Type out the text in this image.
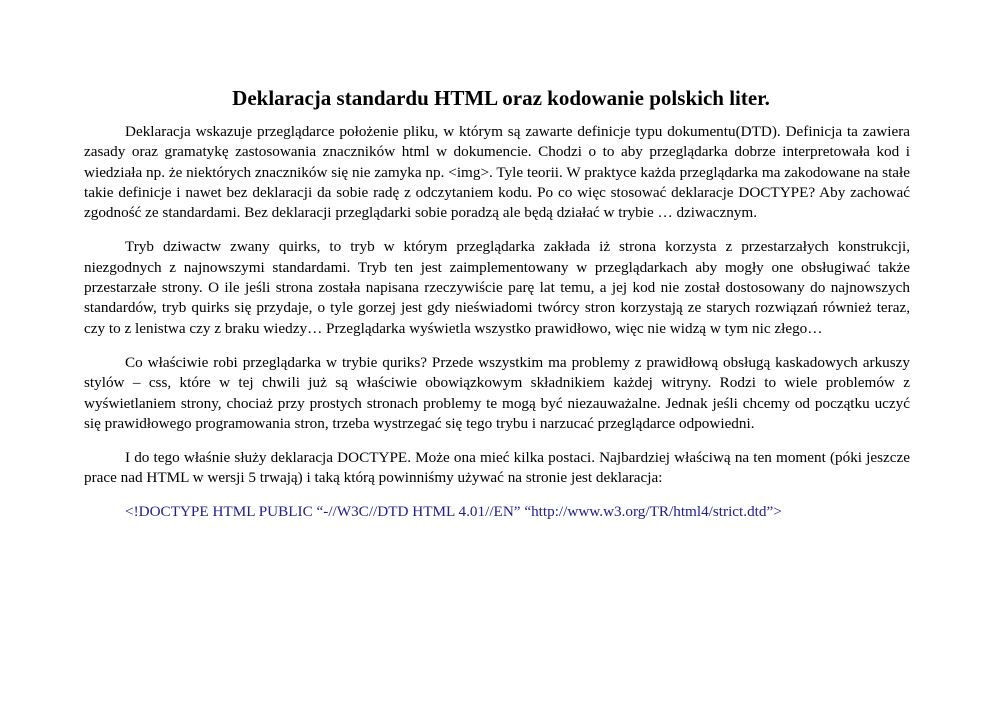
Deklaracja standardu HTML oraz kodowanie polskich liter.

Deklaracja wskazuje przeglądarce położenie pliku, w którym są zawarte definicje typu dokumentu(DTD). Definicja ta zawiera zasady oraz gramatykę zastosowania znaczników html w dokumencie. Chodzi o to aby przeglądarka dobrze interpretowała kod i wiedziała np. że niektórych znaczników się nie zamyka np. <img>. Tyle teorii. W praktyce każda przeglądarka ma zakodowane na stałe takie definicje i nawet bez deklaracji da sobie radę z odczytaniem kodu. Po co więc stosować deklaracje DOCTYPE? Aby zachować zgodność ze standardami. Bez deklaracji przeglądarki sobie poradzą ale będą działać w trybie … dziwacznym.

Tryb dziwactw zwany quirks, to tryb w którym przeglądarka zakłada iż strona korzysta z przestarzałych konstrukcji, niezgodnych z najnowszymi standardami. Tryb ten jest zaimplementowany w przeglądarkach aby mogły one obsługiwać także przestarzałe strony. O ile jeśli strona została napisana rzeczywiście parę lat temu, a jej kod nie został dostosowany do najnowszych standardów, tryb quirks się przydaje, o tyle gorzej jest gdy nieświadomi twórcy stron korzystają ze starych rozwiązań również teraz, czy to z lenistwa czy z braku wiedzy… Przeglądarka wyświetla wszystko prawidłowo, więc nie widzą w tym nic złego…

Co właściwie robi przeglądarka w trybie quriks? Przede wszystkim ma problemy z prawidłową obsługą kaskadowych arkuszy stylów – css, które w tej chwili już są właściwie obowiązkowym składnikiem każdej witryny. Rodzi to wiele problemów z wyświetlaniem strony, chociaż przy prostych stronach problemy te mogą być niezauważalne. Jednak jeśli chcemy od początku uczyć się prawidłowego programowania stron, trzeba wystrzegać się tego trybu i narzucać przeglądarce odpowiedni.

I do tego właśnie służy deklaracja DOCTYPE. Może ona mieć kilka postaci. Najbardziej właściwą na ten moment (póki jeszcze prace nad HTML w wersji 5 trwają) i taką którą powinniśmy używać na stronie jest deklaracja:

<!DOCTYPE HTML PUBLIC “-//W3C//DTD HTML 4.01//EN” “http://www.w3.org/TR/html4/strict.dtd”>
